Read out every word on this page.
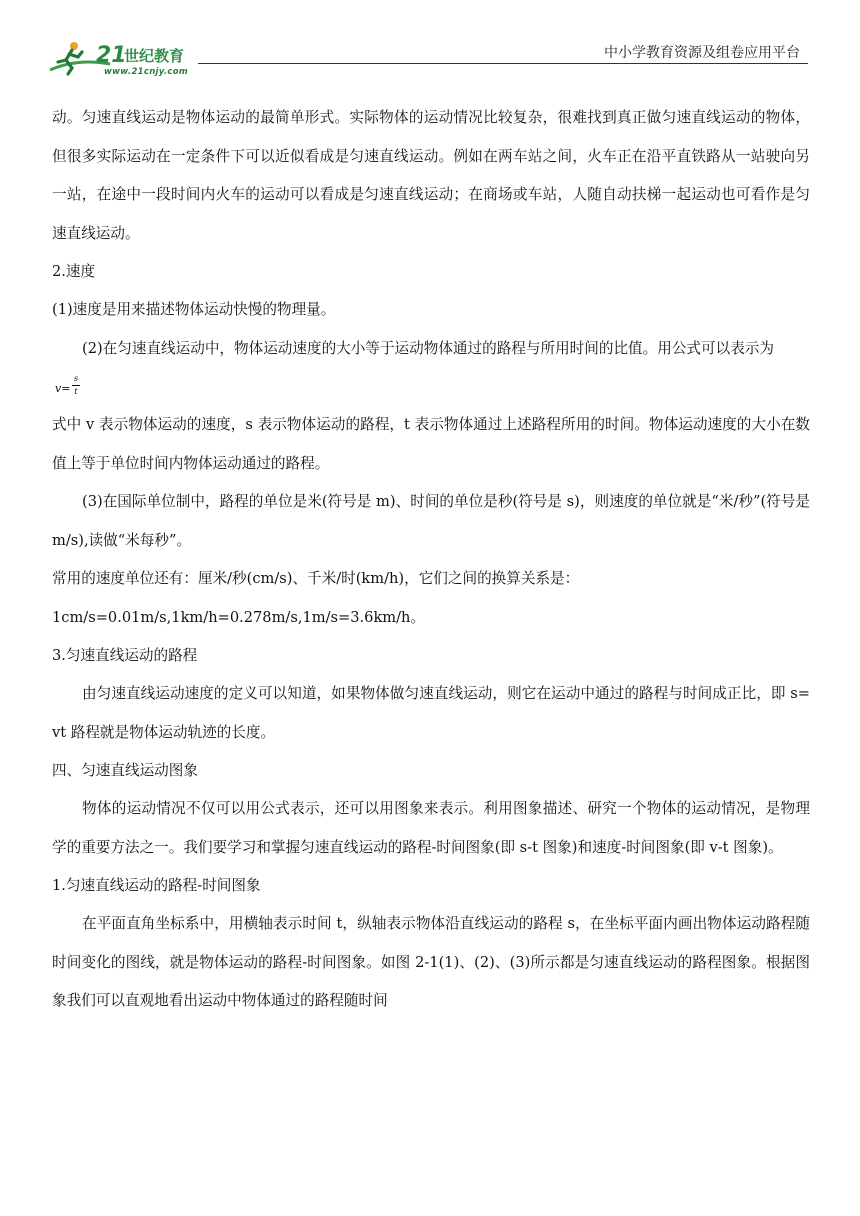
21
世纪教育
www.21cnjy.com
中小学教育资源及组卷应用平台

动。匀速直线运动是物体运动的最简单形式。实际物体的运动情况比较复杂，很难找到真正做匀速直线运动的物体，但很多实际运动在一定条件下可以近似看成是匀速直线运动。例如在两车站之间，火车正在沿平直铁路从一站驶向另一站，在途中一段时间内火车的运动可以看成是匀速直线运动；在商场或车站，人随自动扶梯一起运动也可看作是匀速直线运动。

2.速度

(1)速度是用来描述物体运动快慢的物理量。

(2)在匀速直线运动中，物体运动速度的大小等于运动物体通过的路程与所用时间的比值。用公式可以表示为

v=
s
t

式中 v 表示物体运动的速度，s 表示物体运动的路程，t 表示物体通过上述路程所用的时间。物体运动速度的大小在数值上等于单位时间内物体运动通过的路程。

(3)在国际单位制中，路程的单位是米(符号是 m)、时间的单位是秒(符号是 s)，则速度的单位就是“米/秒”(符号是 m/s),读做“米每秒”。

常用的速度单位还有：厘米/秒(cm/s)、千米/时(km/h)，它们之间的换算关系是：

1cm/s=0.01m/s,1km/h=0.278m/s,1m/s=3.6km/h。

3.匀速直线运动的路程

由匀速直线运动速度的定义可以知道，如果物体做匀速直线运动，则它在运动中通过的路程与时间成正比，即 s= vt 路程就是物体运动轨迹的长度。

四、匀速直线运动图象

物体的运动情况不仅可以用公式表示，还可以用图象来表示。利用图象描述、研究一个物体的运动情况，是物理学的重要方法之一。我们要学习和掌握匀速直线运动的路程-时间图象(即 s-t 图象)和速度-时间图象(即 v-t 图象)。

1.匀速直线运动的路程-时间图象

在平面直角坐标系中，用横轴表示时间 t，纵轴表示物体沿直线运动的路程 s，在坐标平面内画出物体运动路程随时间变化的图线，就是物体运动的路程-时间图象。如图 2-1(1)、(2)、(3)所示都是匀速直线运动的路程图象。根据图象我们可以直观地看出运动中物体通过的路程随时间
